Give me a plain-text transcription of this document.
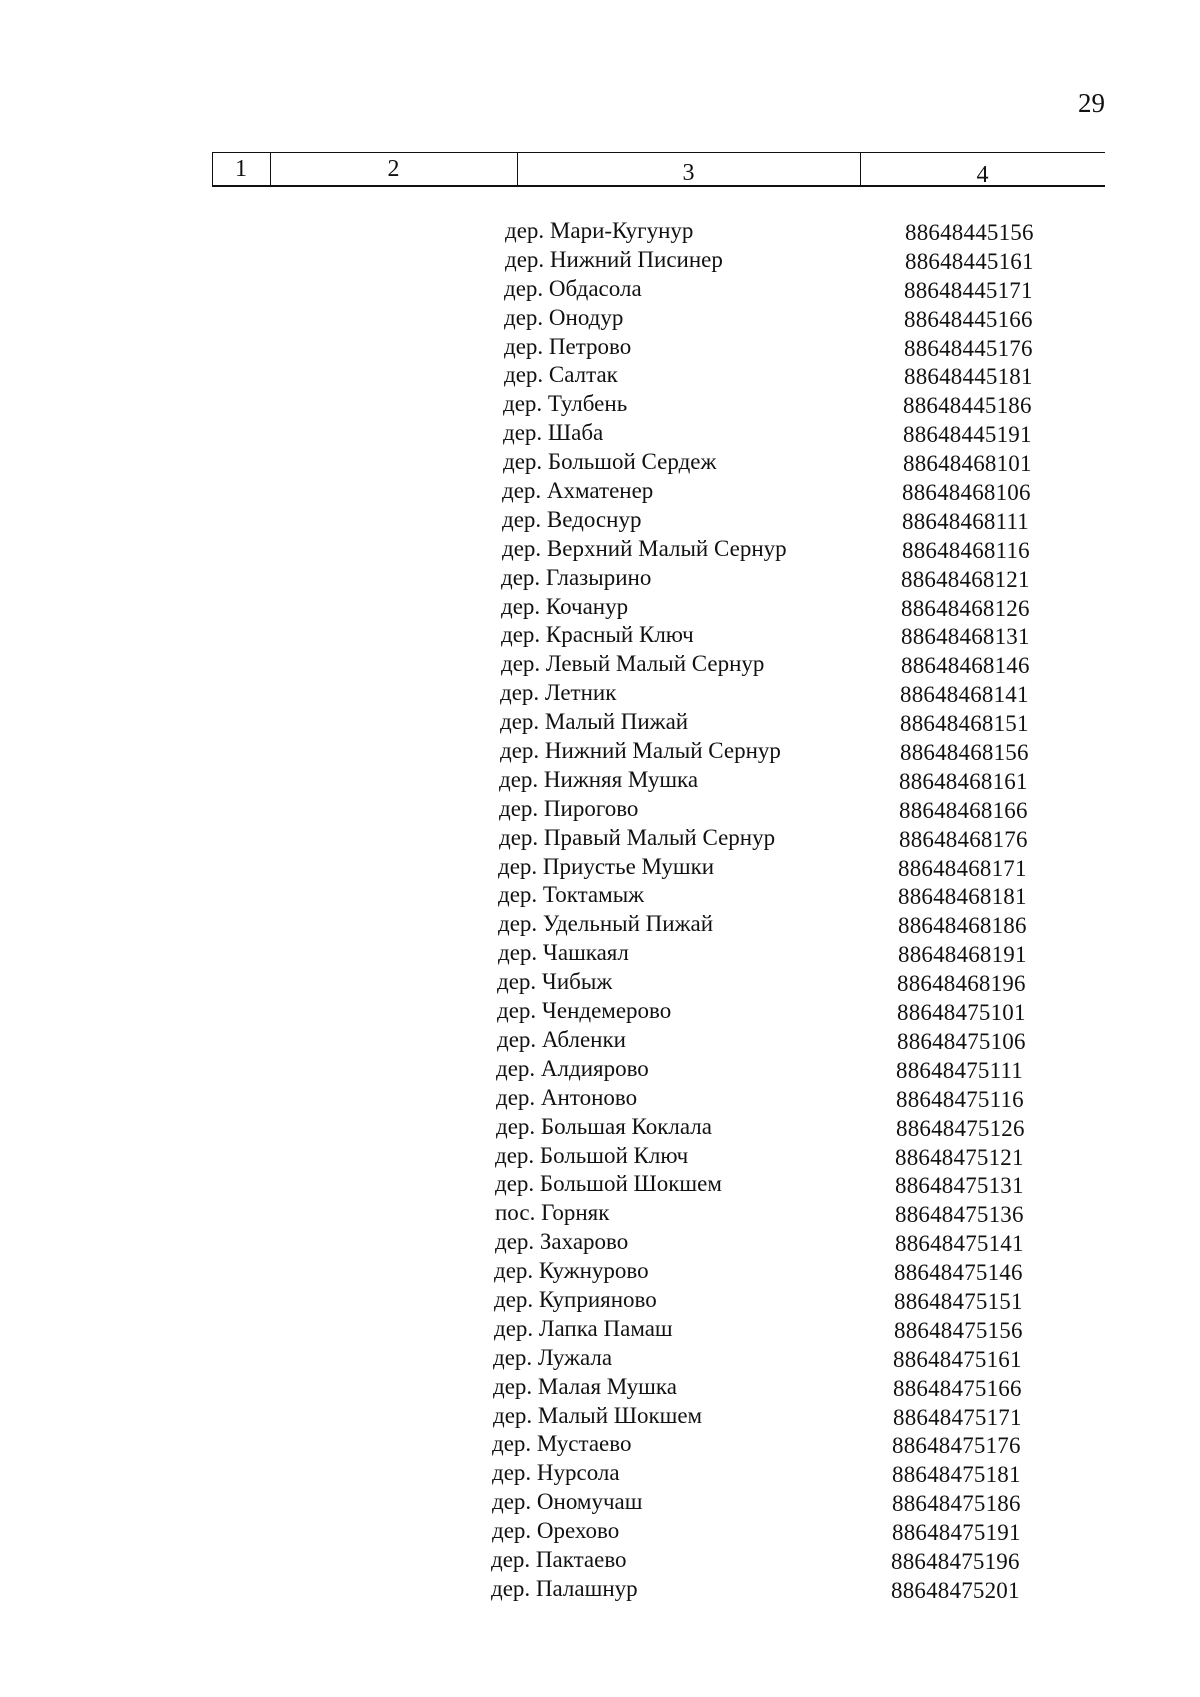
29
1	2	3	4
дер. Мари-Кугунур	88648445156
дер. Нижний Писинер	88648445161
дер. Обдасола	88648445171
дер. Онодур	88648445166
дер. Петрово	88648445176
дер. Салтак	88648445181
дер. Тулбень	88648445186
дер. Шаба	88648445191
дер. Большой Сердеж	88648468101
дер. Ахматенер	88648468106
дер. Ведоснур	88648468111
дер. Верхний Малый Сернур	88648468116
дер. Глазырино	88648468121
дер. Кочанур	88648468126
дер. Красный Ключ	88648468131
дер. Левый Малый Сернур	88648468146
дер. Летник	88648468141
дер. Малый Пижай	88648468151
дер. Нижний Малый Сернур	88648468156
дер. Нижняя Мушка	88648468161
дер. Пирогово	88648468166
дер. Правый Малый Сернур	88648468176
дер. Приустье Мушки	88648468171
дер. Токтамыж	88648468181
дер. Удельный Пижай	88648468186
дер. Чашкаял	88648468191
дер. Чибыж	88648468196
дер. Чендемерово	88648475101
дер. Абленки	88648475106
дер. Алдиярово	88648475111
дер. Антоново	88648475116
дер. Большая Коклала	88648475126
дер. Большой Ключ	88648475121
дер. Большой Шокшем	88648475131
пос. Горняк	88648475136
дер. Захарово	88648475141
дер. Кужнурово	88648475146
дер. Куприяново	88648475151
дер. Лапка Памаш	88648475156
дер. Лужала	88648475161
дер. Малая Мушка	88648475166
дер. Малый Шокшем	88648475171
дер. Мустаево	88648475176
дер. Нурсола	88648475181
дер. Ономучаш	88648475186
дер. Орехово	88648475191
дер. Пактаево	88648475196
дер. Палашнур	88648475201
